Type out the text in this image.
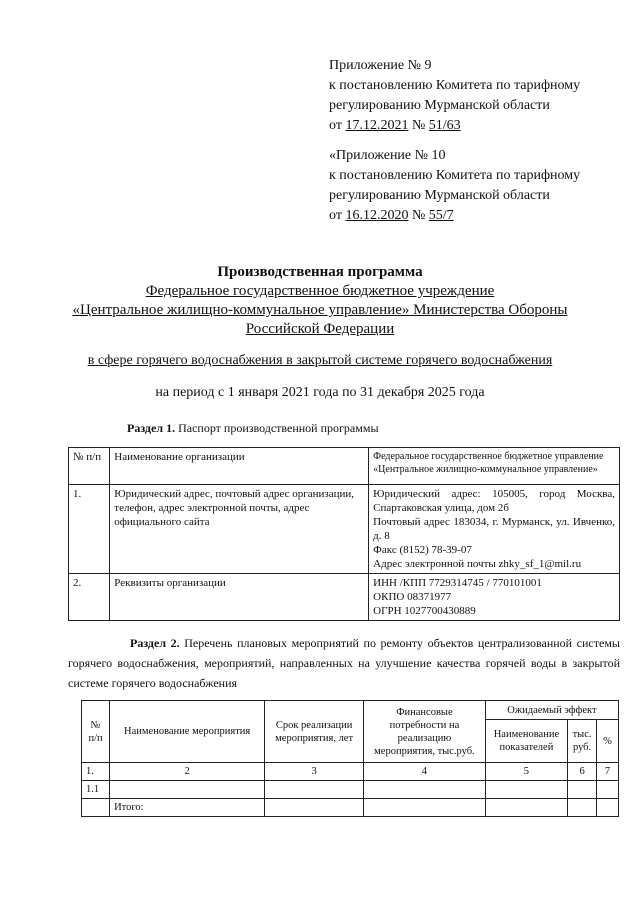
Приложение № 9
к постановлению Комитета по тарифному
регулированию Мурманской области
от 17.12.2021 № 51/63
«Приложение № 10
к постановлению Комитета по тарифному
регулированию Мурманской области
от 16.12.2020 № 55/7
Производственная программа
Федеральное государственное бюджетное учреждение
«Центральное жилищно-коммунальное управление» Министерства Обороны
Российской Федерации
в сфере горячего водоснабжения в закрытой системе горячего водоснабжения
на период с 1 января 2021 года по 31 декабря 2025 года
Раздел 1. Паспорт производственной программы
№ п/п	Наименование организации	Федеральное государственное бюджетное управление «Центральное жилищно-коммунальное управление»
1.	Юридический адрес, почтовый адрес организации, телефон, адрес электронной почты, адрес официального сайта	Юридический адрес: 105005, город Москва, Спартаковская улица, дом 2б
Почтовый адрес 183034, г. Мурманск, ул. Ивченко, д. 8
Факс (8152) 78-39-07
Адрес электронной почты zhky_sf_1@mil.ru

2.	Реквизиты организации	ИНН /КПП 7729314745 / 770101001
ОКПО 08371977
ОГРН 1027700430889
Раздел 2. Перечень плановых мероприятий по ремонту объектов централизованной системы горячего водоснабжения, мероприятий, направленных на улучшение качества горячей воды в закрытой системе горячего водоснабжения
№ п/п	Наименование мероприятия	Срок реализации мероприятия, лет	Финансовые потребности на реализацию мероприятия, тыс.руб.	Ожидаемый эффект		
				Наименование показателей	тыс. руб.	%
1.	2	3	4	5	6	7
1.1						
	Итого:					
